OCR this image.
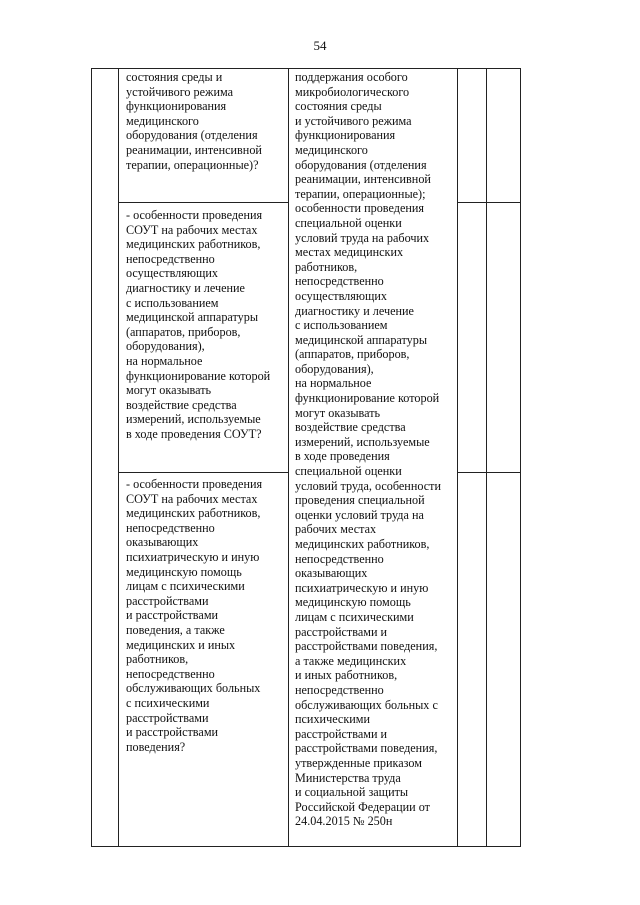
54

состояния среды и
устойчивого режима
функционирования
медицинского
оборудования (отделения
реанимации, интенсивной
терапии, операционные)?

- особенности проведения
СОУТ на рабочих местах
медицинских работников,
непосредственно
осуществляющих
диагностику и лечение
с использованием
медицинской аппаратуры
(аппаратов, приборов,
оборудования),
на нормальное
функционирование которой
могут оказывать
воздействие средства
измерений, используемые
в ходе проведения СОУТ?

- особенности проведения
СОУТ на рабочих местах
медицинских работников,
непосредственно
оказывающих
психиатрическую и иную
медицинскую помощь
лицам с психическими
расстройствами
и расстройствами
поведения, а также
медицинских и иных
работников,
непосредственно
обслуживающих больных
с психическими
расстройствами
и расстройствами
поведения?

поддержания особого
микробиологического
состояния среды
и устойчивого режима
функционирования
медицинского
оборудования (отделения
реанимации, интенсивной
терапии, операционные);
особенности проведения
специальной оценки
условий труда на рабочих
местах медицинских
работников,
непосредственно
осуществляющих
диагностику и лечение
с использованием
медицинской аппаратуры
(аппаратов, приборов,
оборудования),
на нормальное
функционирование которой
могут оказывать
воздействие средства
измерений, используемые
в ходе проведения
специальной оценки
условий труда, особенности
проведения специальной
оценки условий труда на
рабочих местах
медицинских работников,
непосредственно
оказывающих
психиатрическую и иную
медицинскую помощь
лицам с психическими
расстройствами и
расстройствами поведения,
а также медицинских
и иных работников,
непосредственно
обслуживающих больных с
психическими
расстройствами и
расстройствами поведения,
утвержденные приказом
Министерства труда
и социальной защиты
Российской Федерации от
24.04.2015 № 250н
